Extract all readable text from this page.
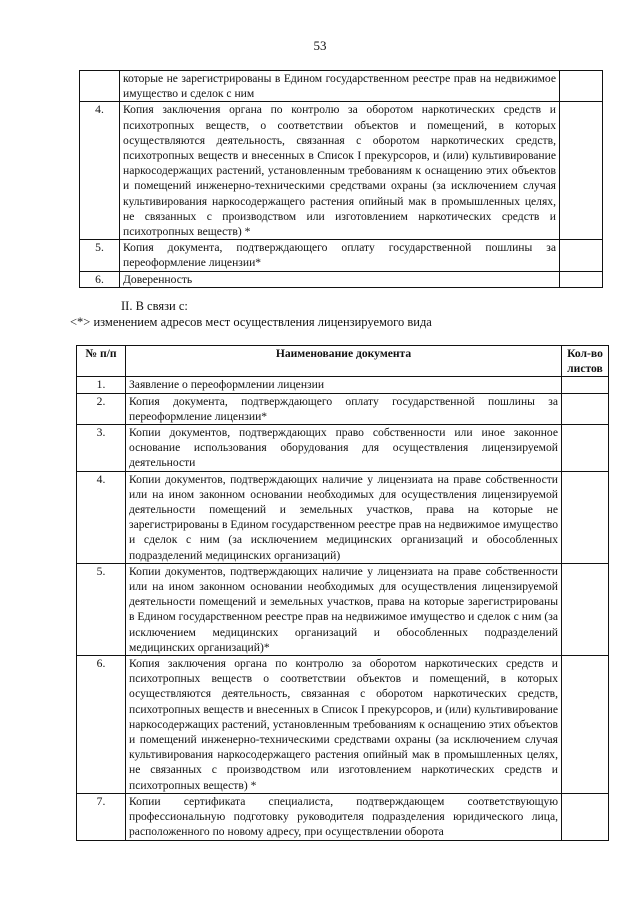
53
	которые не зарегистрированы в Едином государственном реестре прав на недвижимое имущество и сделок с ним	
4.	Копия заключения органа по контролю за оборотом наркотических средств и психотропных веществ, о соответствии объектов и помещений, в которых осуществляются деятельность, связанная с оборотом наркотических средств, психотропных веществ и внесенных в Список I прекурсоров, и (или) культивирование наркосодержащих растений, установленным требованиям к оснащению этих объектов и помещений инженерно-техническими средствами охраны (за исключением случая культивирования наркосодержащего растения опийный мак в промышленных целях, не связанных с производством или изготовлением наркотических средств и психотропных веществ) *	
5.	Копия документа, подтверждающего оплату государственной пошлины за переоформление лицензии*	
6.	Доверенность	
II. В связи с:
<*> изменением адресов мест осуществления лицензируемого вида
№ п/п	Наименование документа	Кол-во листов
1.	Заявление о переоформлении лицензии	
2.	Копия документа, подтверждающего оплату государственной пошлины за переоформление лицензии*	
3.	Копии документов, подтверждающих право собственности или иное законное основание использования оборудования для осуществления лицензируемой деятельности	
4.	Копии документов, подтверждающих наличие у лицензиата на праве собственности или на ином законном основании необходимых для осуществления лицензируемой деятельности помещений и земельных участков, права на которые не зарегистрированы в Едином государственном реестре прав на недвижимое имущество и сделок с ним (за исключением медицинских организаций и обособленных подразделений медицинских организаций)	
5.	Копии документов, подтверждающих наличие у лицензиата на праве собственности или на ином законном основании необходимых для осуществления лицензируемой деятельности помещений и земельных участков, права на которые зарегистрированы в Едином государственном реестре прав на недвижимое имущество и сделок с ним (за исключением медицинских организаций и обособленных подразделений медицинских организаций)*	
6.	Копия заключения органа по контролю за оборотом наркотических средств и психотропных веществ о соответствии объектов и помещений, в которых осуществляются деятельность, связанная с оборотом наркотических средств, психотропных веществ и внесенных в Список I прекурсоров, и (или) культивирование наркосодержащих растений, установленным требованиям к оснащению этих объектов и помещений инженерно-техническими средствами охраны (за исключением случая культивирования наркосодержащего растения опийный мак в промышленных целях, не связанных с производством или изготовлением наркотических средств и психотропных веществ) *	
7.	Копии сертификата специалиста, подтверждающем соответствующую профессиональную подготовку руководителя подразделения юридического лица, расположенного по новому адресу, при осуществлении оборота	
